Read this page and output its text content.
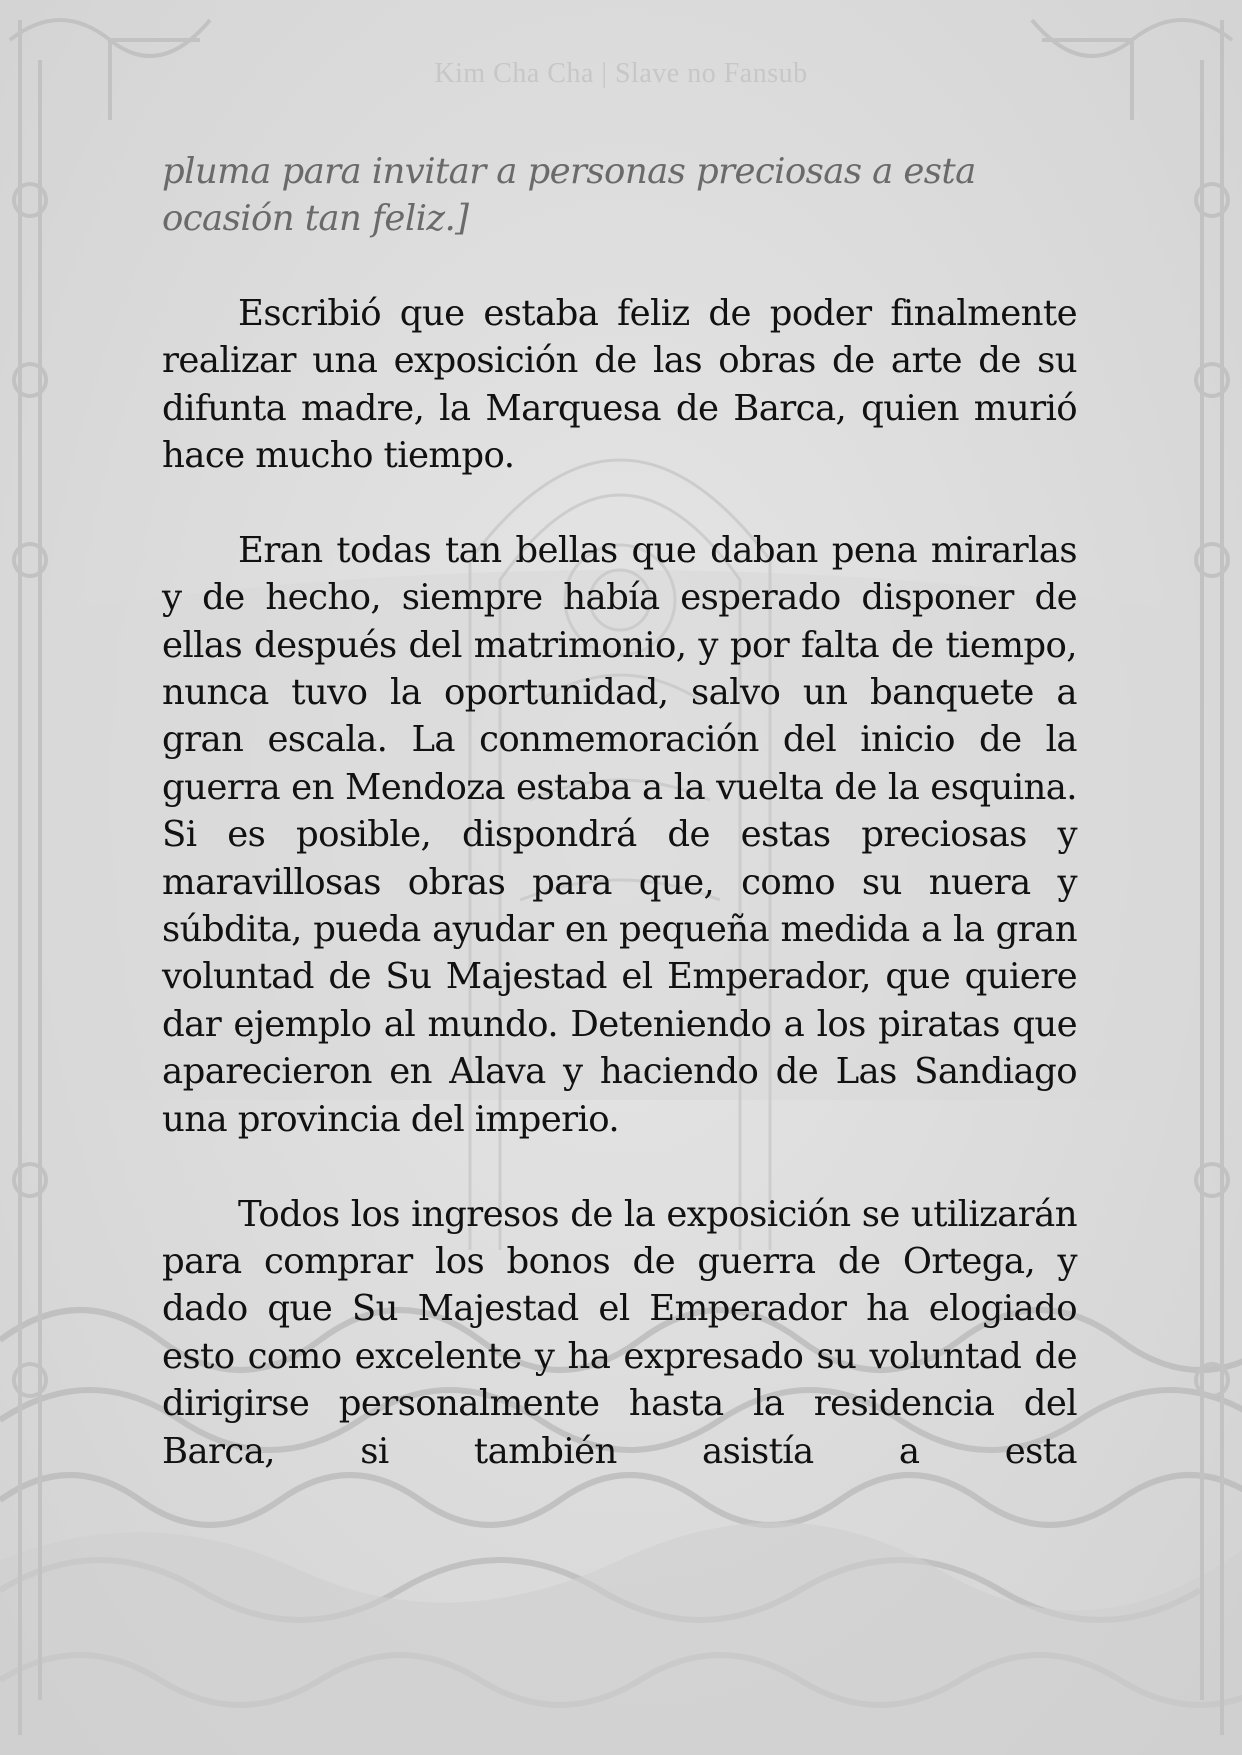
Kim Cha Cha | Slave no Fansub

pluma para invitar a personas preciosas a esta ocasión tan feliz.]

Escribió que estaba feliz de poder finalmente realizar una exposición de las obras de arte de su difunta madre, la Marquesa de Barca, quien murió hace mucho tiempo.

Eran todas tan bellas que daban pena mirarlas y de hecho, siempre había esperado disponer de ellas después del matrimonio, y por falta de tiempo, nunca tuvo la oportunidad, salvo un banquete a gran escala. La conmemoración del inicio de la guerra en Mendoza estaba a la vuelta de la esquina. Si es posible, dispondrá de estas preciosas y maravillosas obras para que, como su nuera y súbdita, pueda ayudar en pequeña medida a la gran voluntad de Su Majestad el Emperador, que quiere dar ejemplo al mundo. Deteniendo a los piratas que aparecieron en Alava y haciendo de Las Sandiago una provincia del imperio.

Todos los ingresos de la exposición se utilizarán para comprar los bonos de guerra de Ortega, y dado que Su Majestad el Emperador ha elogiado esto como excelente y ha expresado su voluntad de dirigirse personalmente hasta la residencia del Barca, si también asistía a esta
